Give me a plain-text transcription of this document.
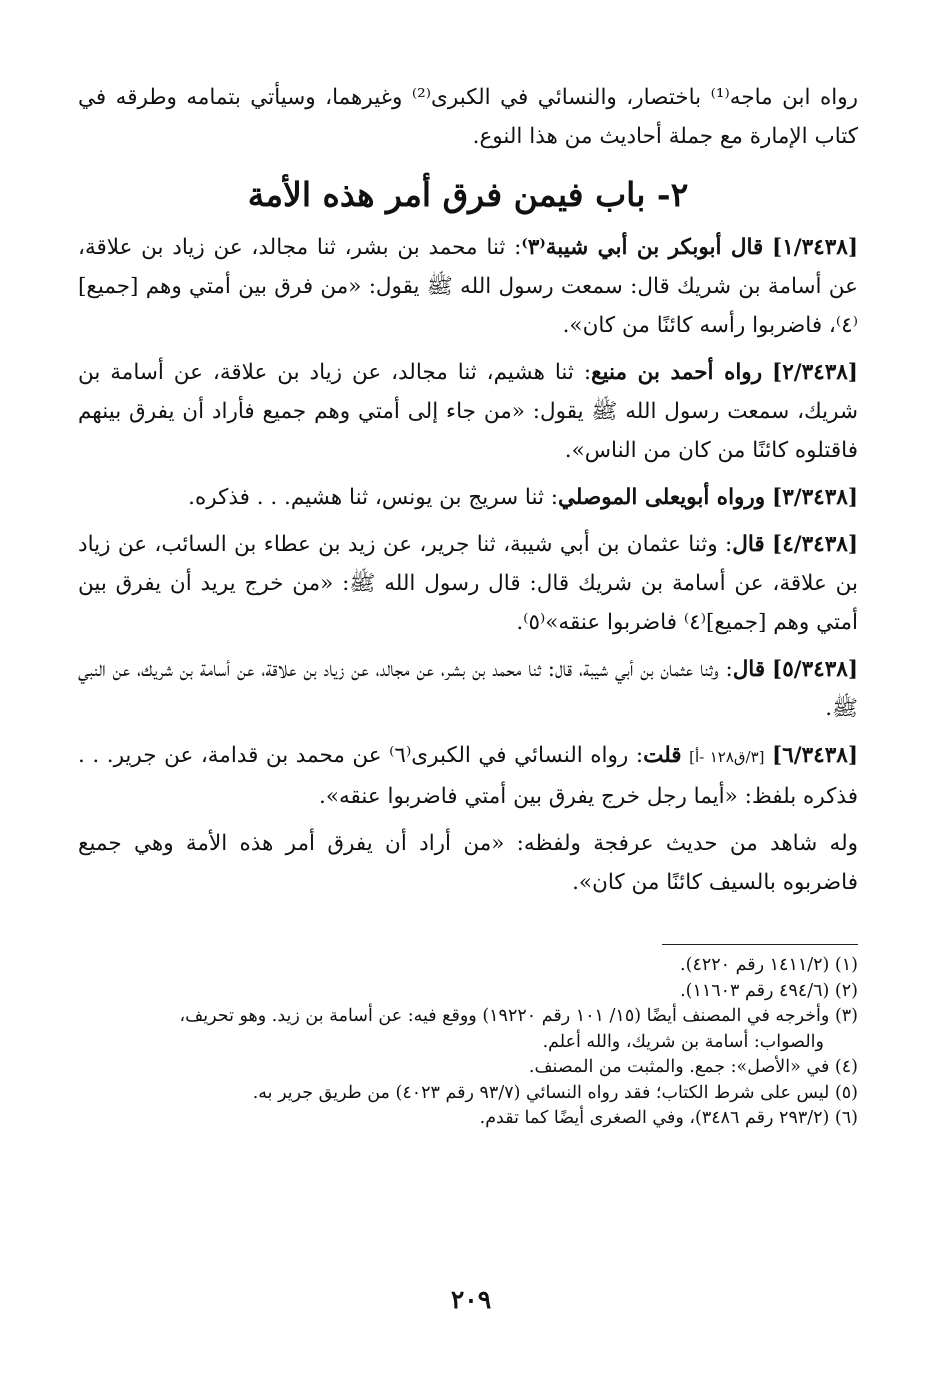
رواه ابن ماجه⁽¹⁾ باختصار، والنسائي في الكبرى⁽²⁾ وغيرهما، وسيأتي بتمامه وطرقه في كتاب الإمارة مع جملة أحاديث من هذا النوع.

٢- باب فيمن فرق أمر هذه الأمة

[١/٣٤٣٨] قال أبوبكر بن أبي شيبة⁽٣⁾: ثنا محمد بن بشر، ثنا مجالد، عن زياد بن علاقة، عن أسامة بن شريك قال: سمعت رسول الله ﷺ يقول: «من فرق بين أمتي وهم [جميع]⁽٤⁾، فاضربوا رأسه كائنًا من كان».

[٢/٣٤٣٨] رواه أحمد بن منيع: ثنا هشيم، ثنا مجالد، عن زياد بن علاقة، عن أسامة بن شريك، سمعت رسول الله ﷺ يقول: «من جاء إلى أمتي وهم جميع فأراد أن يفرق بينهم فاقتلوه كائنًا من كان من الناس».

[٣/٣٤٣٨] ورواه أبويعلى الموصلي: ثنا سريج بن يونس، ثنا هشيم. . . فذكره.

[٤/٣٤٣٨] قال: وثنا عثمان بن أبي شيبة، ثنا جرير، عن زيد بن عطاء بن السائب، عن زياد بن علاقة، عن أسامة بن شريك قال: قال رسول الله ﷺ: «من خرج يريد أن يفرق بين أمتي وهم [جميع]⁽٤⁾ فاضربوا عنقه»⁽٥⁾.

[٥/٣٤٣٨] قال: وثنا عثمان بن أبي شيبة، قال: ثنا محمد بن بشر، عن مجالد، عن زياد بن علاقة، عن أسامة بن شريك، عن النبي ﷺ.

[٦/٣٤٣٨] [٣/ق١٢٨ -أ] قلت: رواه النسائي في الكبرى⁽٦⁾ عن محمد بن قدامة، عن جرير. . . فذكره بلفظ: «أيما رجل خرج يفرق بين أمتي فاضربوا عنقه».

وله شاهد من حديث عرفجة ولفظه: «من أراد أن يفرق أمر هذه الأمة وهي جميع فاضربوه بالسيف كائنًا من كان».

(١) (١٤١١/٢ رقم ٤٢٢٠).

(٢) (٤٩٤/٦ رقم ١١٦٠٣).

(٣) وأخرجه في المصنف أيضًا (١٥/ ١٠١ رقم ١٩٢٢٠) ووقع فيه: عن أسامة بن زيد. وهو تحريف،

والصواب: أسامة بن شريك، والله أعلم.

(٤) في «الأصل»: جمع. والمثبت من المصنف.

(٥) ليس على شرط الكتاب؛ فقد رواه النسائي (٩٣/٧ رقم ٤٠٢٣) من طريق جرير به.

(٦) (٢٩٣/٢ رقم ٣٤٨٦)، وفي الصغرى أيضًا كما تقدم.

٢٠٩
